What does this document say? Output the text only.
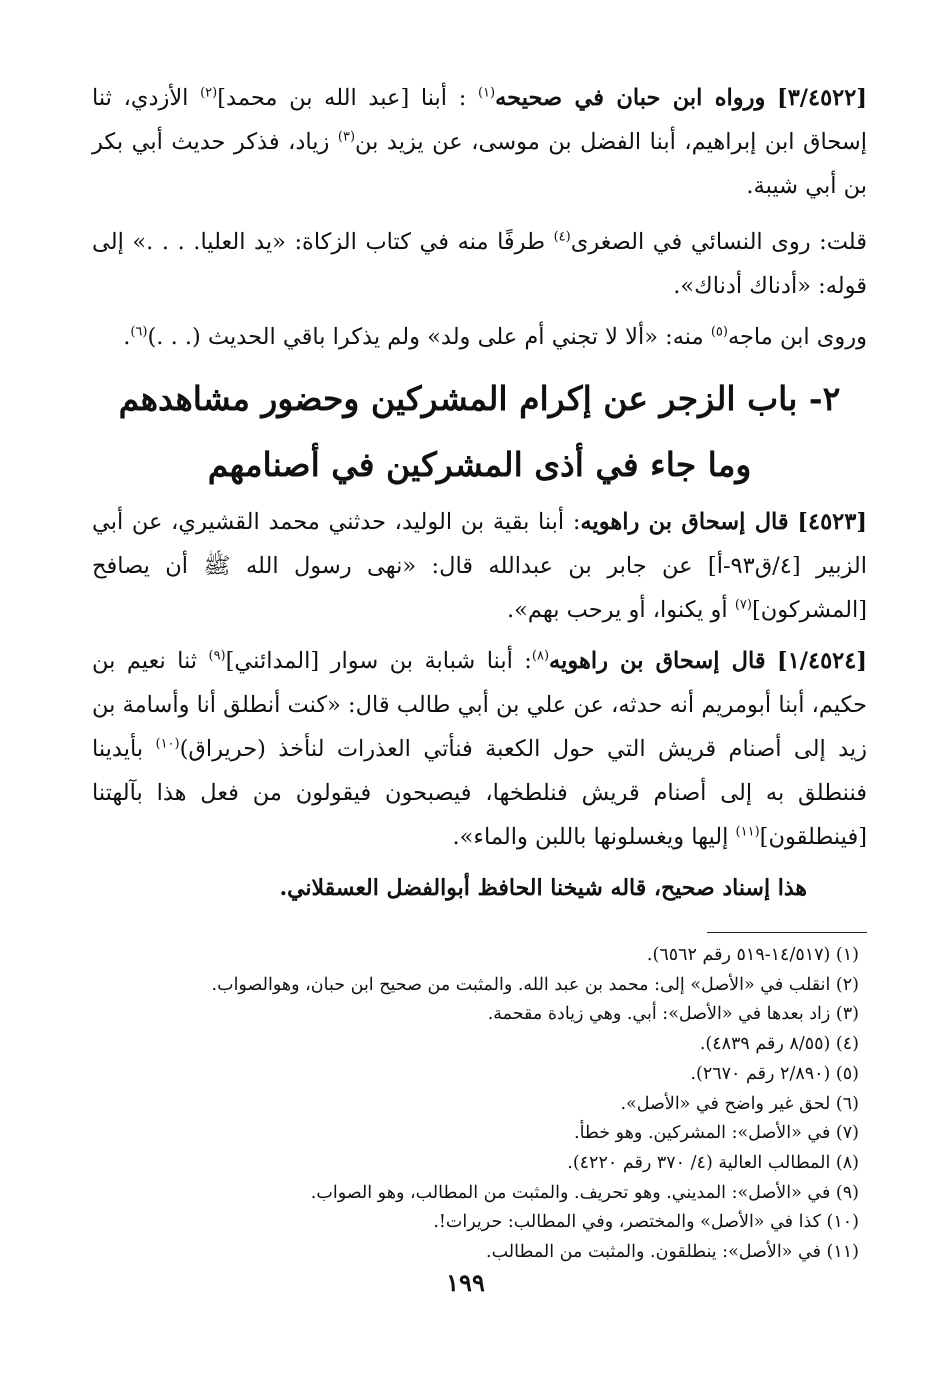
[٣/٤٥٢٢] ورواه ابن حبان في صحيحه$^{(١)}$ : أبنا [عبد الله بن محمد]$^{(٢)}$ الأزدي، ثنا إسحاق ابن إبراهيم، أبنا الفضل بن موسى، عن يزيد بن$^{(٣)}$ زياد، فذكر حديث أبي بكر بن أبي شيبة.

قلت: روى النسائي في الصغرى$^{(٤)}$ طرفًا منه في كتاب الزكاة: «يد العليا. . . .» إلى قوله: «أدناك أدناك».

وروى ابن ماجه$^{(٥)}$ منه: «ألا لا تجني أم على ولد» ولم يذكرا باقي الحديث (. . .)$^{(٦)}$.

٢- باب الزجر عن إكرام المشركين وحضور مشاهدهم
وما جاء في أذى المشركين في أصنامهم

[٤٥٢٣] قال إسحاق بن راهويه: أبنا بقية بن الوليد، حدثني محمد القشيري، عن أبي الزبير [٤/ق٩٣-أ] عن جابر بن عبدالله قال: «نهى رسول الله ﷺ أن يصافح [المشركون]$^{(٧)}$ أو يكنوا، أو يرحب بهم».

[١/٤٥٢٤] قال إسحاق بن راهويه$^{(٨)}$: أبنا شبابة بن سوار [المدائني]$^{(٩)}$ ثنا نعيم بن حكيم، أبنا أبومريم أنه حدثه، عن علي بن أبي طالب قال: «كنت أنطلق أنا وأسامة بن زيد إلى أصنام قريش التي حول الكعبة فنأتي العذرات لنأخذ (حريراق)$^{(١٠)}$ بأيدينا فننطلق به إلى أصنام قريش فنلطخها، فيصبحون فيقولون من فعل هذا بآلهتنا [فينطلقون]$^{(١١)}$ إليها ويغسلونها باللبن والماء».

هذا إسناد صحيح، قاله شيخنا الحافظ أبوالفضل العسقلاني.
(١) (١٤/٥١٧-٥١٩ رقم ٦٥٦٢).
(٢) انقلب في «الأصل» إلى: محمد بن عبد الله. والمثبت من صحيح ابن حبان، وهوالصواب.
(٣) زاد بعدها في «الأصل»: أبي. وهي زيادة مقحمة.
(٤) (٨/٥٥ رقم ٤٨٣٩).
(٥) (٢/٨٩٠ رقم ٢٦٧٠).
(٦) لحق غير واضح في «الأصل».
(٧) في «الأصل»: المشركين. وهو خطأ.
(٨) المطالب العالية (٤/ ٣٧٠ رقم ٤٢٢٠).
(٩) في «الأصل»: المديني. وهو تحريف. والمثبت من المطالب، وهو الصواب.
(١٠) كذا في «الأصل» والمختصر، وفي المطالب: حريرات!.
(١١) في «الأصل»: ينطلقون. والمثبت من المطالب.
١٩٩
